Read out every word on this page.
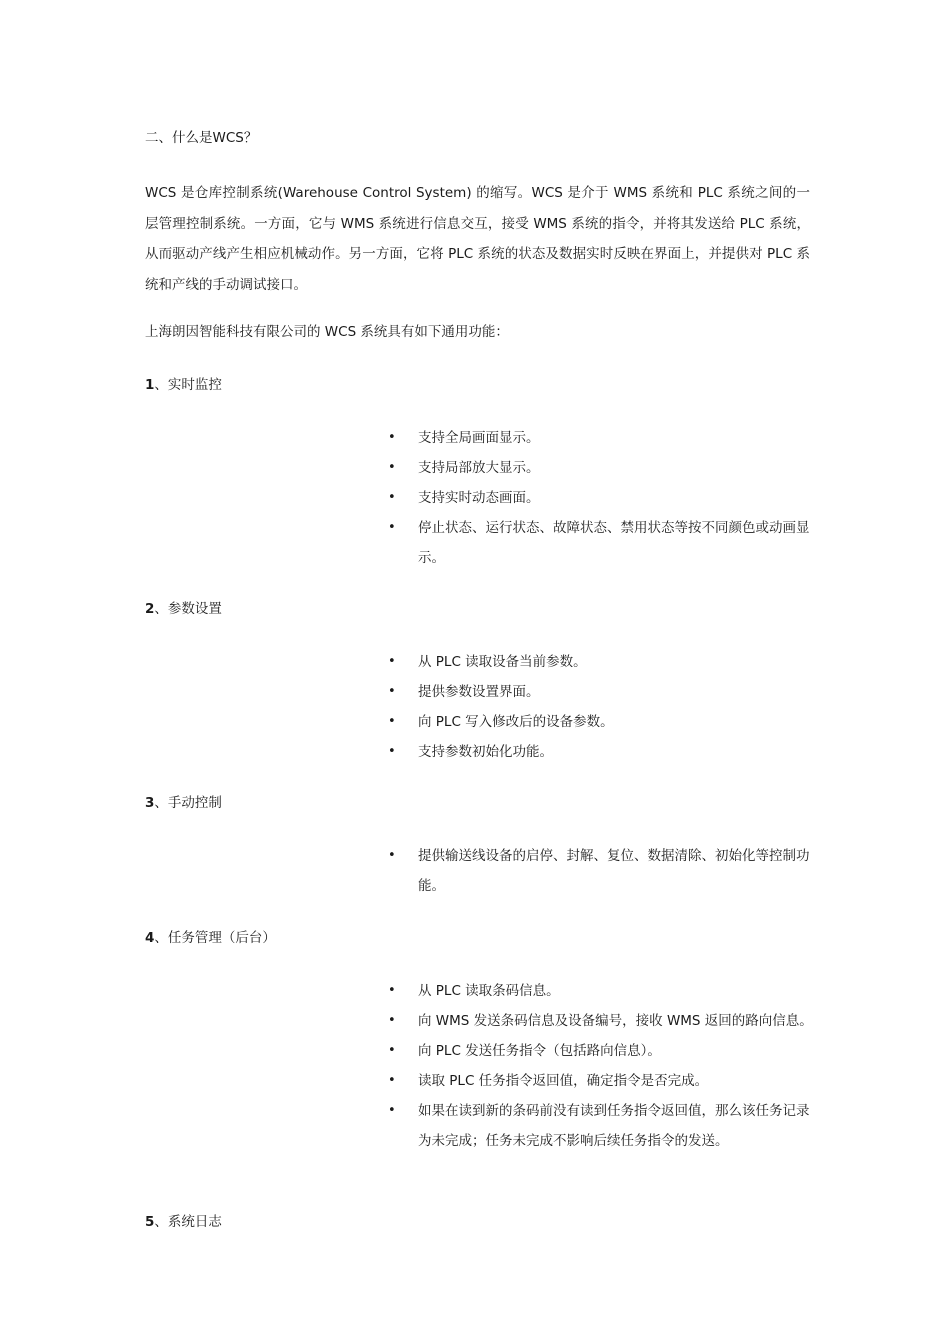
二、什么是WCS？

WCS 是仓库控制系统(Warehouse Control System) 的缩写。WCS 是介于 WMS 系统和 PLC 系统之间的一层管理控制系统。一方面，它与 WMS 系统进行信息交互，接受 WMS 系统的指令，并将其发送给 PLC 系统，从而驱动产线产生相应机械动作。另一方面，它将 PLC 系统的状态及数据实时反映在界面上，并提供对 PLC 系统和产线的手动调试接口。

上海朗因智能科技有限公司的 WCS 系统具有如下通用功能：

1、实时监控
• 支持全局画面显示。
• 支持局部放大显示。
• 支持实时动态画面。
• 停止状态、运行状态、故障状态、禁用状态等按不同颜色或动画显示。
2、参数设置
• 从 PLC 读取设备当前参数。
• 提供参数设置界面。
• 向 PLC 写入修改后的设备参数。
• 支持参数初始化功能。
3、手动控制
• 提供输送线设备的启停、封解、复位、数据清除、初始化等控制功能。
4、任务管理（后台）
• 从 PLC 读取条码信息。
• 向 WMS 发送条码信息及设备编号，接收 WMS 返回的路向信息。
• 向 PLC 发送任务指令（包括路向信息）。
• 读取 PLC 任务指令返回值，确定指令是否完成。
• 如果在读到新的条码前没有读到任务指令返回值，那么该任务记录为未完成；任务未完成不影响后续任务指令的发送。
5、系统日志
